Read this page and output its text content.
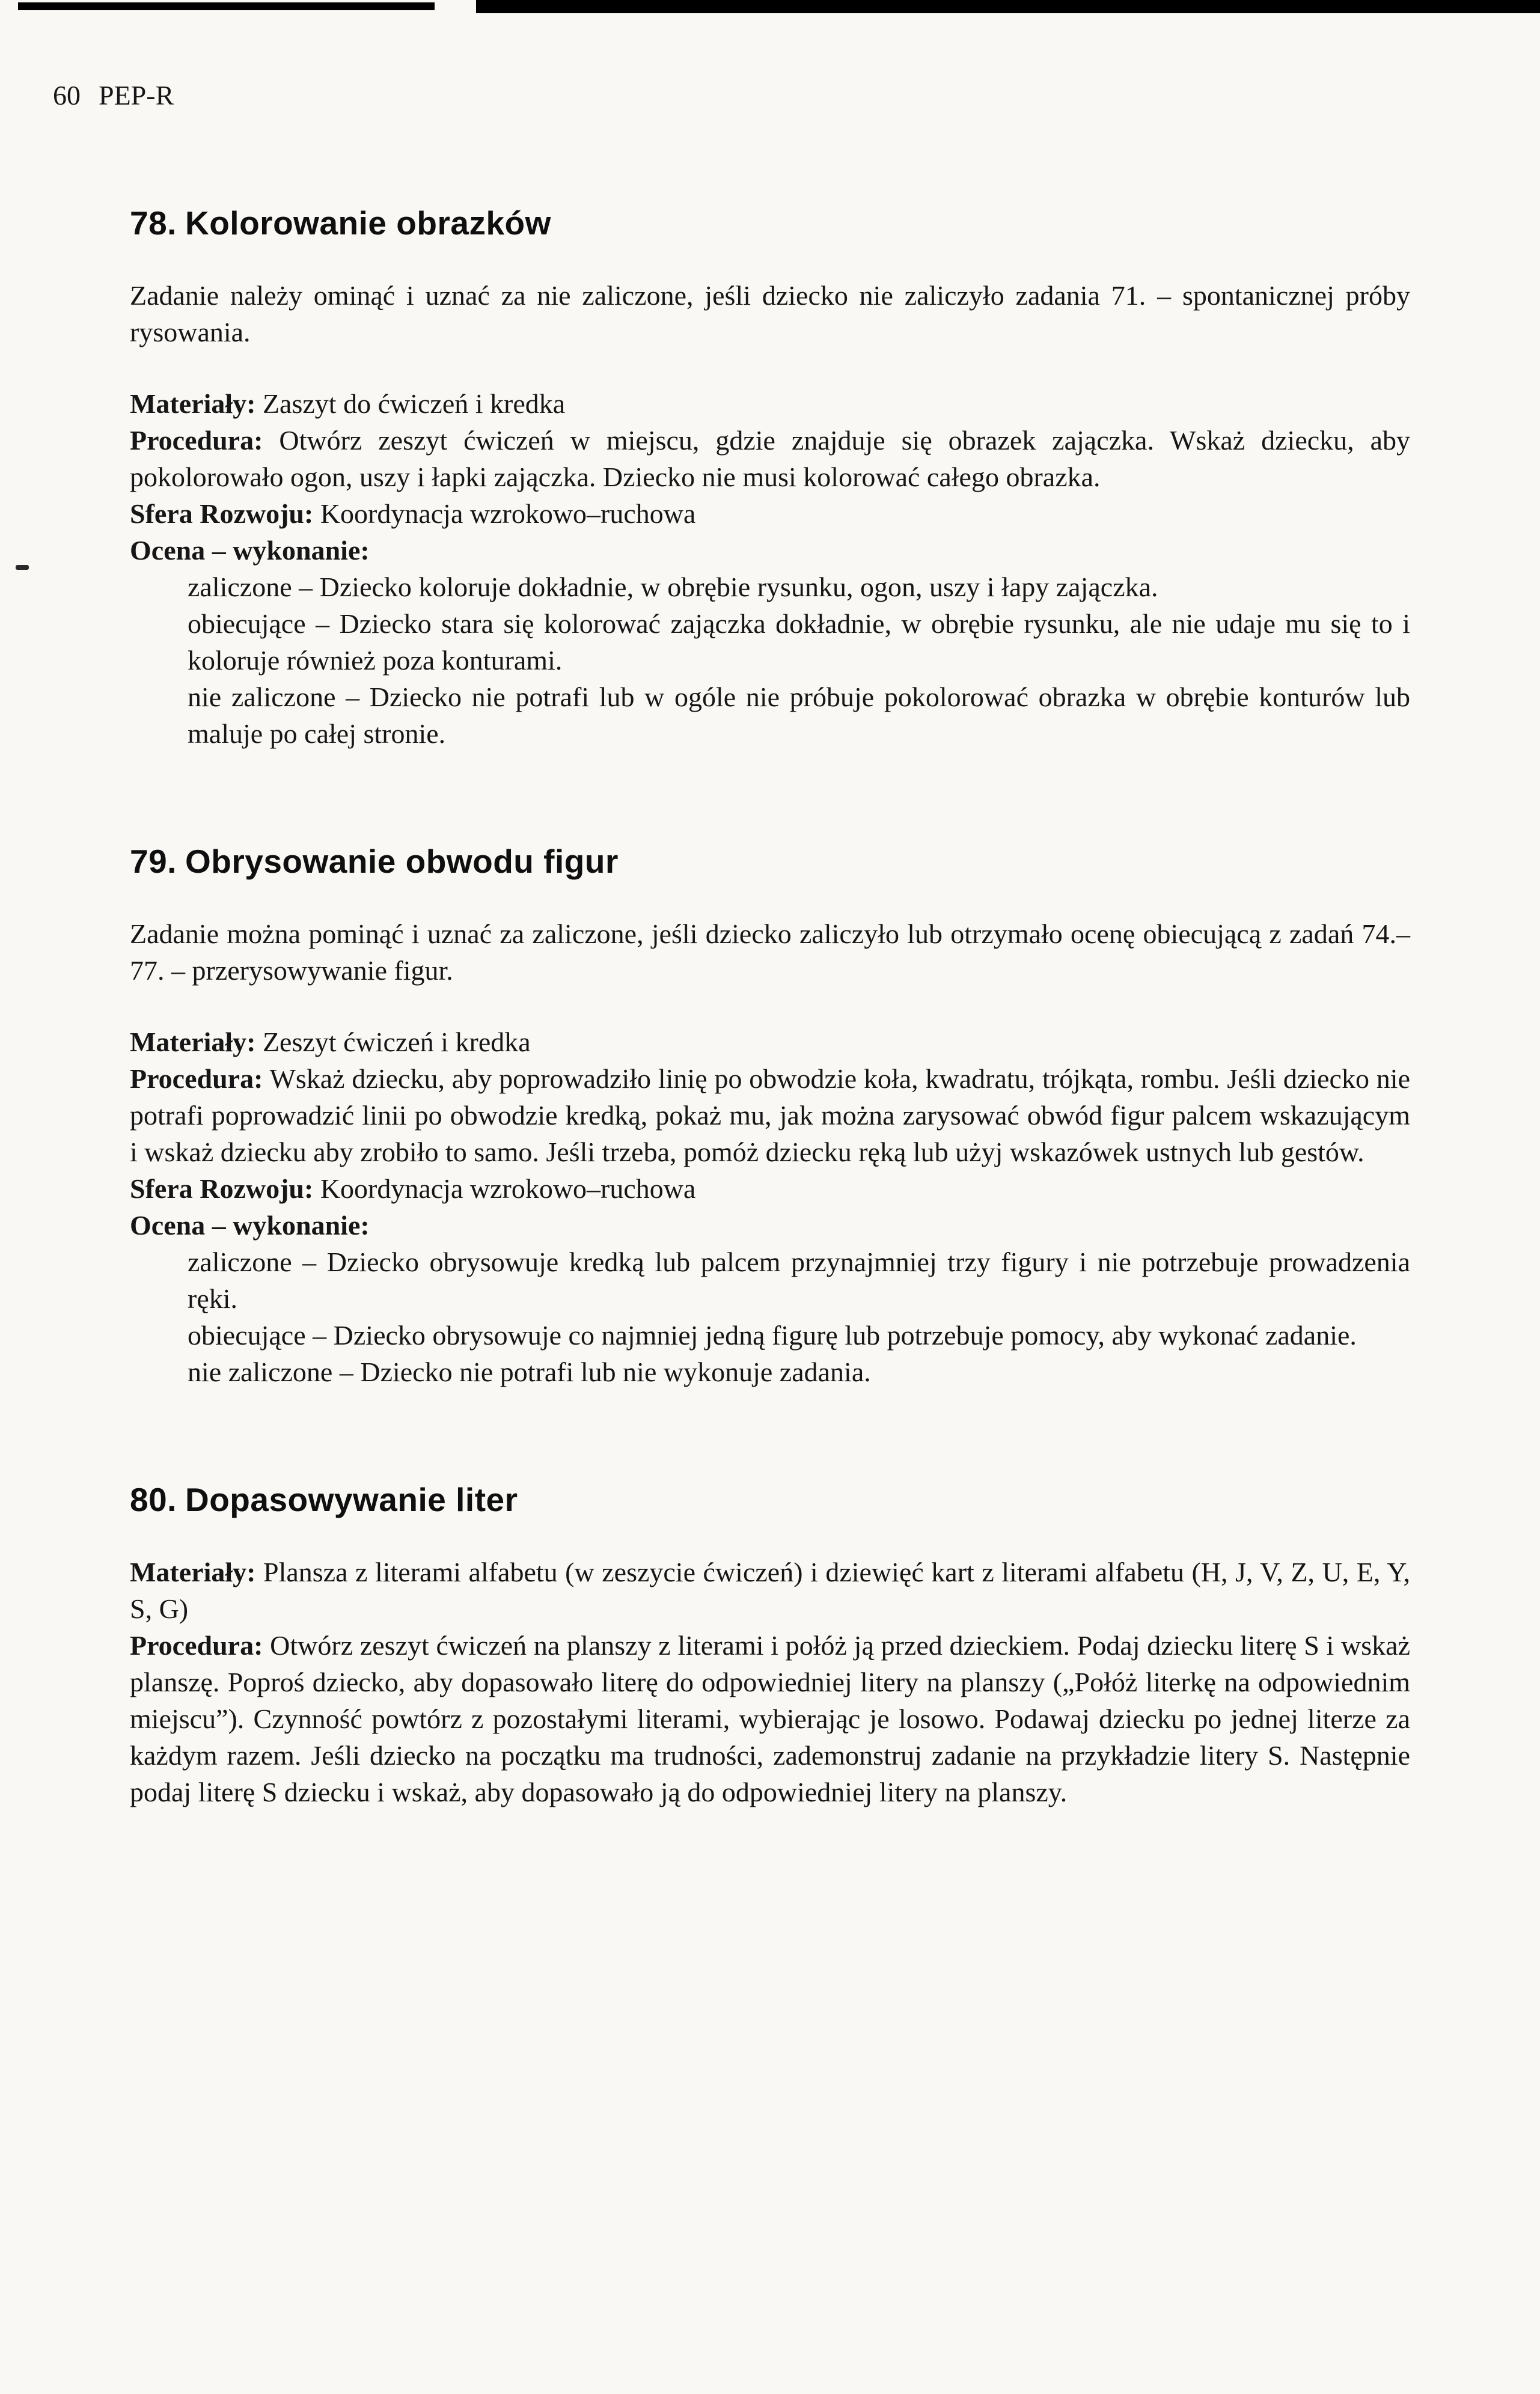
60 PEP-R
78. Kolorowanie obrazków

Zadanie należy ominąć i uznać za nie zaliczone, jeśli dziecko nie zaliczyło zadania 71. – spontanicznej próby rysowania.

Materiały: Zaszyt do ćwiczeń i kredka

Procedura: Otwórz zeszyt ćwiczeń w miejscu, gdzie znajduje się obrazek zajączka. Wskaż dziecku, aby pokolorowało ogon, uszy i łapki zajączka. Dziecko nie musi kolorować całego obrazka.

Sfera Rozwoju: Koordynacja wzrokowo–ruchowa

Ocena – wykonanie:

zaliczone – Dziecko koloruje dokładnie, w obrębie rysunku, ogon, uszy i łapy zajączka.

obiecujące – Dziecko stara się kolorować zajączka dokładnie, w obrębie rysunku, ale nie udaje mu się to i koloruje również poza konturami.

nie zaliczone – Dziecko nie potrafi lub w ogóle nie próbuje pokolorować obrazka w obrębie konturów lub maluje po całej stronie.

79. Obrysowanie obwodu figur

Zadanie można pominąć i uznać za zaliczone, jeśli dziecko zaliczyło lub otrzymało ocenę obiecującą z zadań 74.–77. – przerysowywanie figur.

Materiały: Zeszyt ćwiczeń i kredka

Procedura: Wskaż dziecku, aby poprowadziło linię po obwodzie koła, kwadratu, trójkąta, rombu. Jeśli dziecko nie potrafi poprowadzić linii po obwodzie kredką, pokaż mu, jak można zarysować obwód figur palcem wskazującym i wskaż dziecku aby zrobiło to samo. Jeśli trzeba, pomóż dziecku ręką lub użyj wskazówek ustnych lub gestów.

Sfera Rozwoju: Koordynacja wzrokowo–ruchowa

Ocena – wykonanie:

zaliczone – Dziecko obrysowuje kredką lub palcem przynajmniej trzy figury i nie potrzebuje prowadzenia ręki.

obiecujące – Dziecko obrysowuje co najmniej jedną figurę lub potrzebuje pomocy, aby wykonać zadanie.

nie zaliczone – Dziecko nie potrafi lub nie wykonuje zadania.

80. Dopasowywanie liter

Materiały: Plansza z literami alfabetu (w zeszycie ćwiczeń) i dziewięć kart z literami alfabetu (H, J, V, Z, U, E, Y, S, G)

Procedura: Otwórz zeszyt ćwiczeń na planszy z literami i połóż ją przed dzieckiem. Podaj dziecku literę S i wskaż planszę. Poproś dziecko, aby dopasowało literę do odpowiedniej litery na planszy („Połóż literkę na odpowiednim miejscu”). Czynność powtórz z pozostałymi literami, wybierając je losowo. Podawaj dziecku po jednej literze za każdym razem. Jeśli dziecko na początku ma trudności, zademonstruj zadanie na przykładzie litery S. Następnie podaj literę S dziecku i wskaż, aby dopasowało ją do odpowiedniej litery na planszy.
